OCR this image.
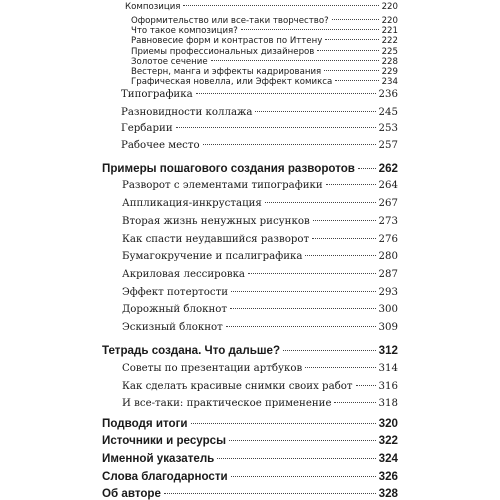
Композиция	220
Оформительство или все-таки творчество?	220
Что такое композиция?	221
Равновесие форм и контрастов по Иттену	222
Приемы профессиональных дизайнеров	225
Золотое сечение	228
Вестерн, манга и эффекты кадрирования	229
Графическая новелла, или Эффект комикса	234
Типографика	236
Разновидности коллажа	245
Гербарии	253
Рабочее место	257
Примеры пошагового создания разворотов 262
Разворот с элементами типографики	264
Аппликация-инкрустация	267
Вторая жизнь ненужных рисунков	273
Как спасти неудавшийся разворот	276
Бумагокручение и псалиграфика	280
Акриловая лессировка	287
Эффект потертости	293
Дорожный блокнот	300
Эскизный блокнот	309
Тетрадь создана. Что дальше?	312
Советы по презентации артбуков	314
Как сделать красивые снимки своих работ	316
И все-таки: практическое применение	318
Подводя итоги	320
Источники и ресурсы	322
Именной указатель	324
Слова благодарности	326
Об авторе	328
